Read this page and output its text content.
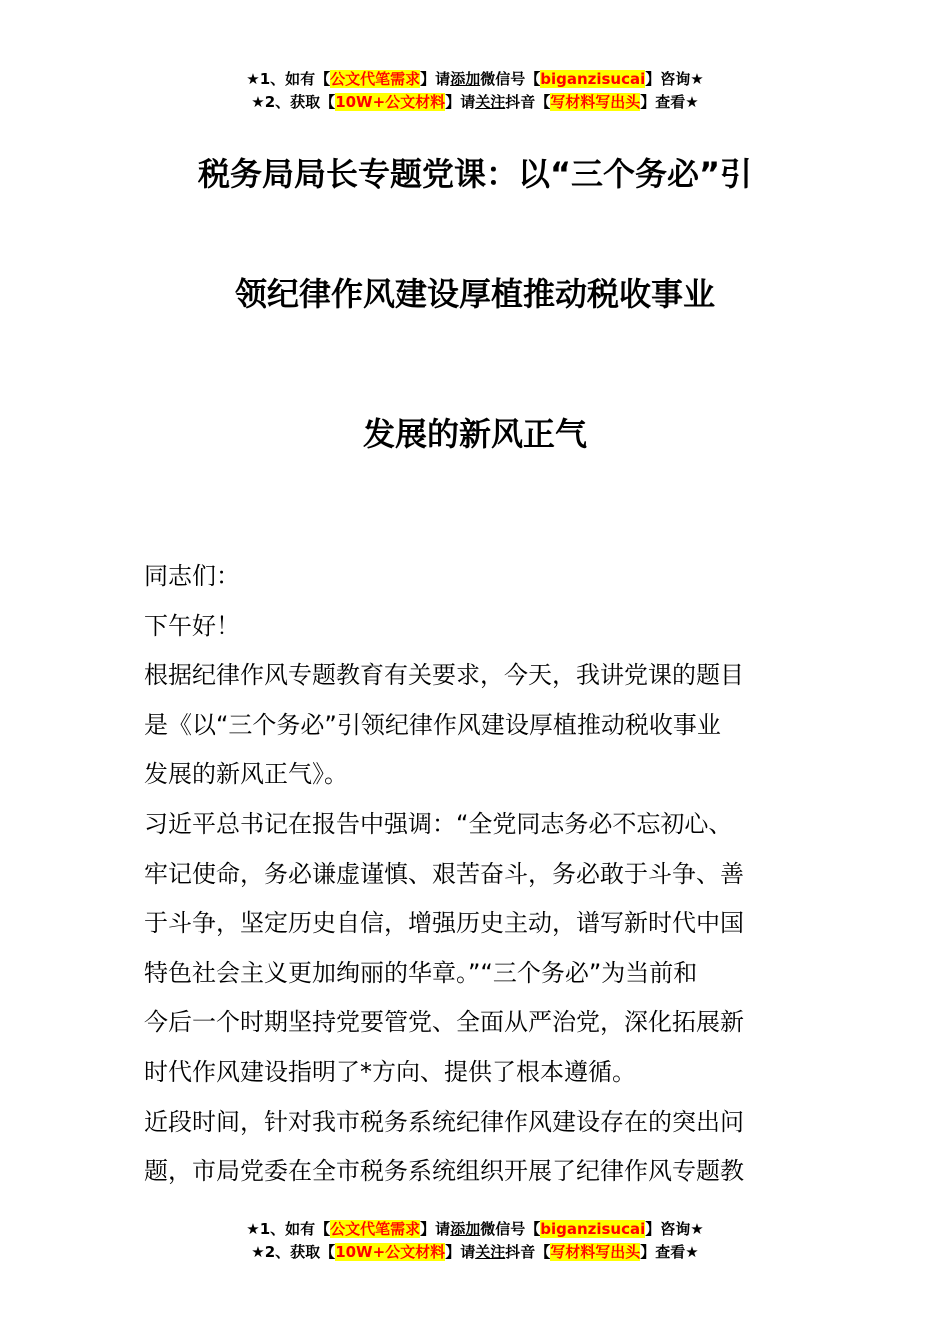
★1、如有【公文代笔需求】请添加微信号【biganzisucai】咨询★
★2、获取【10W+公文材料】请关注抖音【写材料写出头】查看★
税务局局长专题党课：以“三个务必”引
领纪律作风建设厚植推动税收事业
发展的新风正气

同志们：

下午好！

根据纪律作风专题教育有关要求，今天，我讲党课的题目
是《以“三个务必”引领纪律作风建设厚植推动税收事业
发展的新风正气》。

习近平总书记在报告中强调：“全党同志务必不忘初心、
牢记使命，务必谦虚谨慎、艰苦奋斗，务必敢于斗争、善
于斗争，坚定历史自信，增强历史主动，谱写新时代中国
特色社会主义更加绚丽的华章。”“三个务必”为当前和
今后一个时期坚持党要管党、全面从严治党，深化拓展新
时代作风建设指明了*方向、提供了根本遵循。

近段时间，针对我市税务系统纪律作风建设存在的突出问
题，市局党委在全市税务系统组织开展了纪律作风专题教

★1、如有【公文代笔需求】请添加微信号【biganzisucai】咨询★
★2、获取【10W+公文材料】请关注抖音【写材料写出头】查看★
